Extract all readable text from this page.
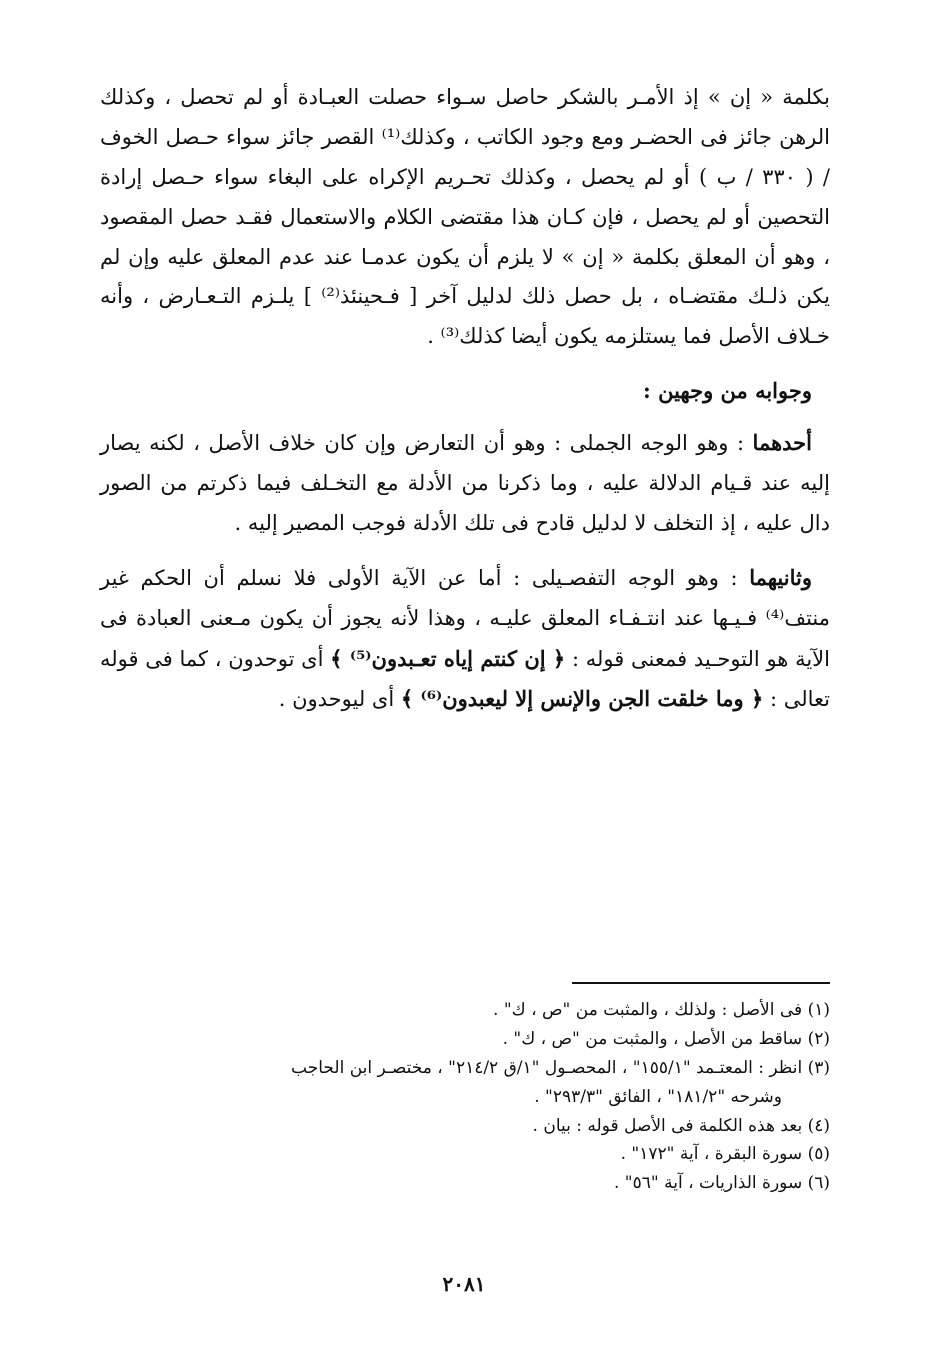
بكلمة « إن » إذ الأمـر بالشكر حاصل سـواء حصلت العبـادة أو لم تحصل ، وكذلك الرهن جائز فى الحضـر ومع وجود الكاتب ، وكذلك⁽¹⁾ القصر جائز سواء حـصل الخوف / ( ٣٣٠ / ب ) أو لم يحصل ، وكذلك تحـريم الإكراه على البغاء سواء حـصل إرادة التحصين أو لم يحصل ، فإن كـان هذا مقتضى الكلام والاستعمال فقـد حصل المقصود ، وهو أن المعلق بكلمة « إن » لا يلزم أن يكون عدمـا عند عدم المعلق عليه وإن لم يكن ذلـك مقتضـاه ، بل حصل ذلك لدليل آخر [ فـحينئذ⁽²⁾ ] يلـزم التـعـارض ، وأنه خـلاف الأصل فما يستلزمه يكون أيضا كذلك⁽³⁾ .

وجوابه من وجهين :

أحدهما : وهو الوجه الجملى : وهو أن التعارض وإن كان خلاف الأصل ، لكنه يصار إليه عند قـيام الدلالة عليه ، وما ذكرنا من الأدلة مع التخـلف فيما ذكرتم من الصور دال عليه ، إذ التخلف لا لدليل قادح فى تلك الأدلة فوجب المصير إليه .

وثانيهما : وهو الوجه التفصـيلى : أما عن الآية الأولى فلا نسلم أن الحكم غير منتف⁽⁴⁾ فـيـها عند انتـفـاء المعلق عليـه ، وهذا لأنه يجوز أن يكون مـعنى العبادة فى الآية هو التوحـيد فمعنى قوله : ﴿ إن كنتم إياه تعـبدون⁽⁵⁾ ﴾ أى توحدون ، كما فى قوله تعالى : ﴿ وما خلقت الجن والإنس إلا ليعبدون⁽⁶⁾ ﴾ أى ليوحدون .

(١) فى الأصل : ولذلك ، والمثبت من "ص ، ك" .

(٢) ساقط من الأصل ، والمثبت من "ص ، ك" .

(٣) انظر : المعتـمد "١٥٥/١" ، المحصـول "١/ق ٢١٤/٢" ، مختصـر ابن الحاجب

وشرحه "١٨١/٢" ، الفائق "٢٩٣/٣" .

(٤) بعد هذه الكلمة فى الأصل قوله : بيان .

(٥) سورة البقرة ، آية "١٧٢" .

(٦) سورة الذاريات ، آية "٥٦" .

٢٠٨١
